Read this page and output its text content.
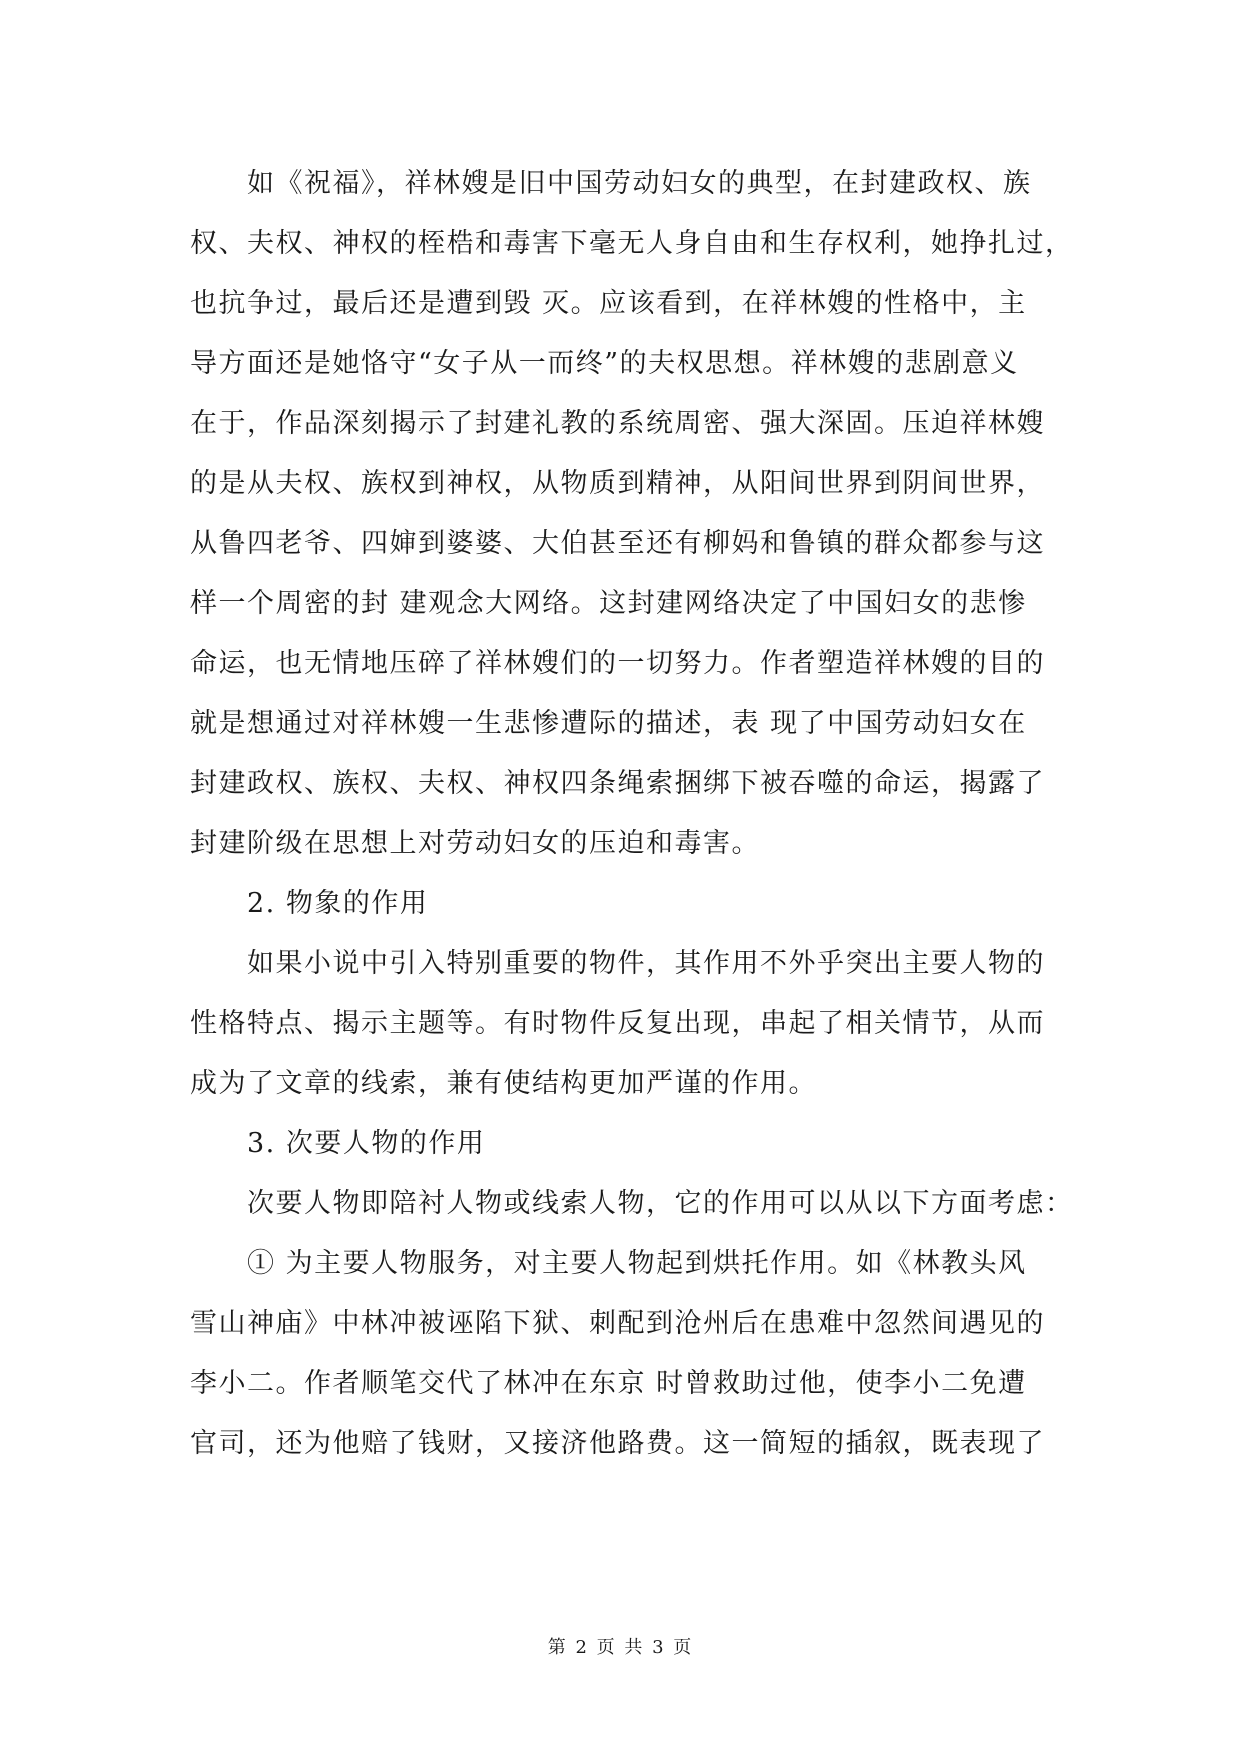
　　如《祝福》，祥林嫂是旧中国劳动妇女的典型，在封建政权、族
权、夫权、神权的桎梏和毒害下毫无人身自由和生存权利，她挣扎过，
也抗争过，最后还是遭到毁 灭。应该看到，在祥林嫂的性格中，主
导方面还是她恪守“女子从一而终”的夫权思想。祥林嫂的悲剧意义
在于，作品深刻揭示了封建礼教的系统周密、强大深固。压迫祥林嫂
的是从夫权、族权到神权，从物质到精神，从阳间世界到阴间世界，
从鲁四老爷、四婶到婆婆、大伯甚至还有柳妈和鲁镇的群众都参与这
样一个周密的封 建观念大网络。这封建网络决定了中国妇女的悲惨
命运，也无情地压碎了祥林嫂们的一切努力。作者塑造祥林嫂的目的
就是想通过对祥林嫂一生悲惨遭际的描述，表 现了中国劳动妇女在
封建政权、族权、夫权、神权四条绳索捆绑下被吞噬的命运，揭露了
封建阶级在思想上对劳动妇女的压迫和毒害。
　　2. 物象的作用
　　如果小说中引入特别重要的物件，其作用不外乎突出主要人物的
性格特点、揭示主题等。有时物件反复出现，串起了相关情节，从而
成为了文章的线索，兼有使结构更加严谨的作用。
　　3. 次要人物的作用
　　次要人物即陪衬人物或线索人物，它的作用可以从以下方面考虑：
　　① 为主要人物服务，对主要人物起到烘托作用。如《林教头风
雪山神庙》中林冲被诬陷下狱、刺配到沧州后在患难中忽然间遇见的
李小二。作者顺笔交代了林冲在东京 时曾救助过他，使李小二免遭
官司，还为他赔了钱财，又接济他路费。这一简短的插叙，既表现了
第 2 页 共 3 页
